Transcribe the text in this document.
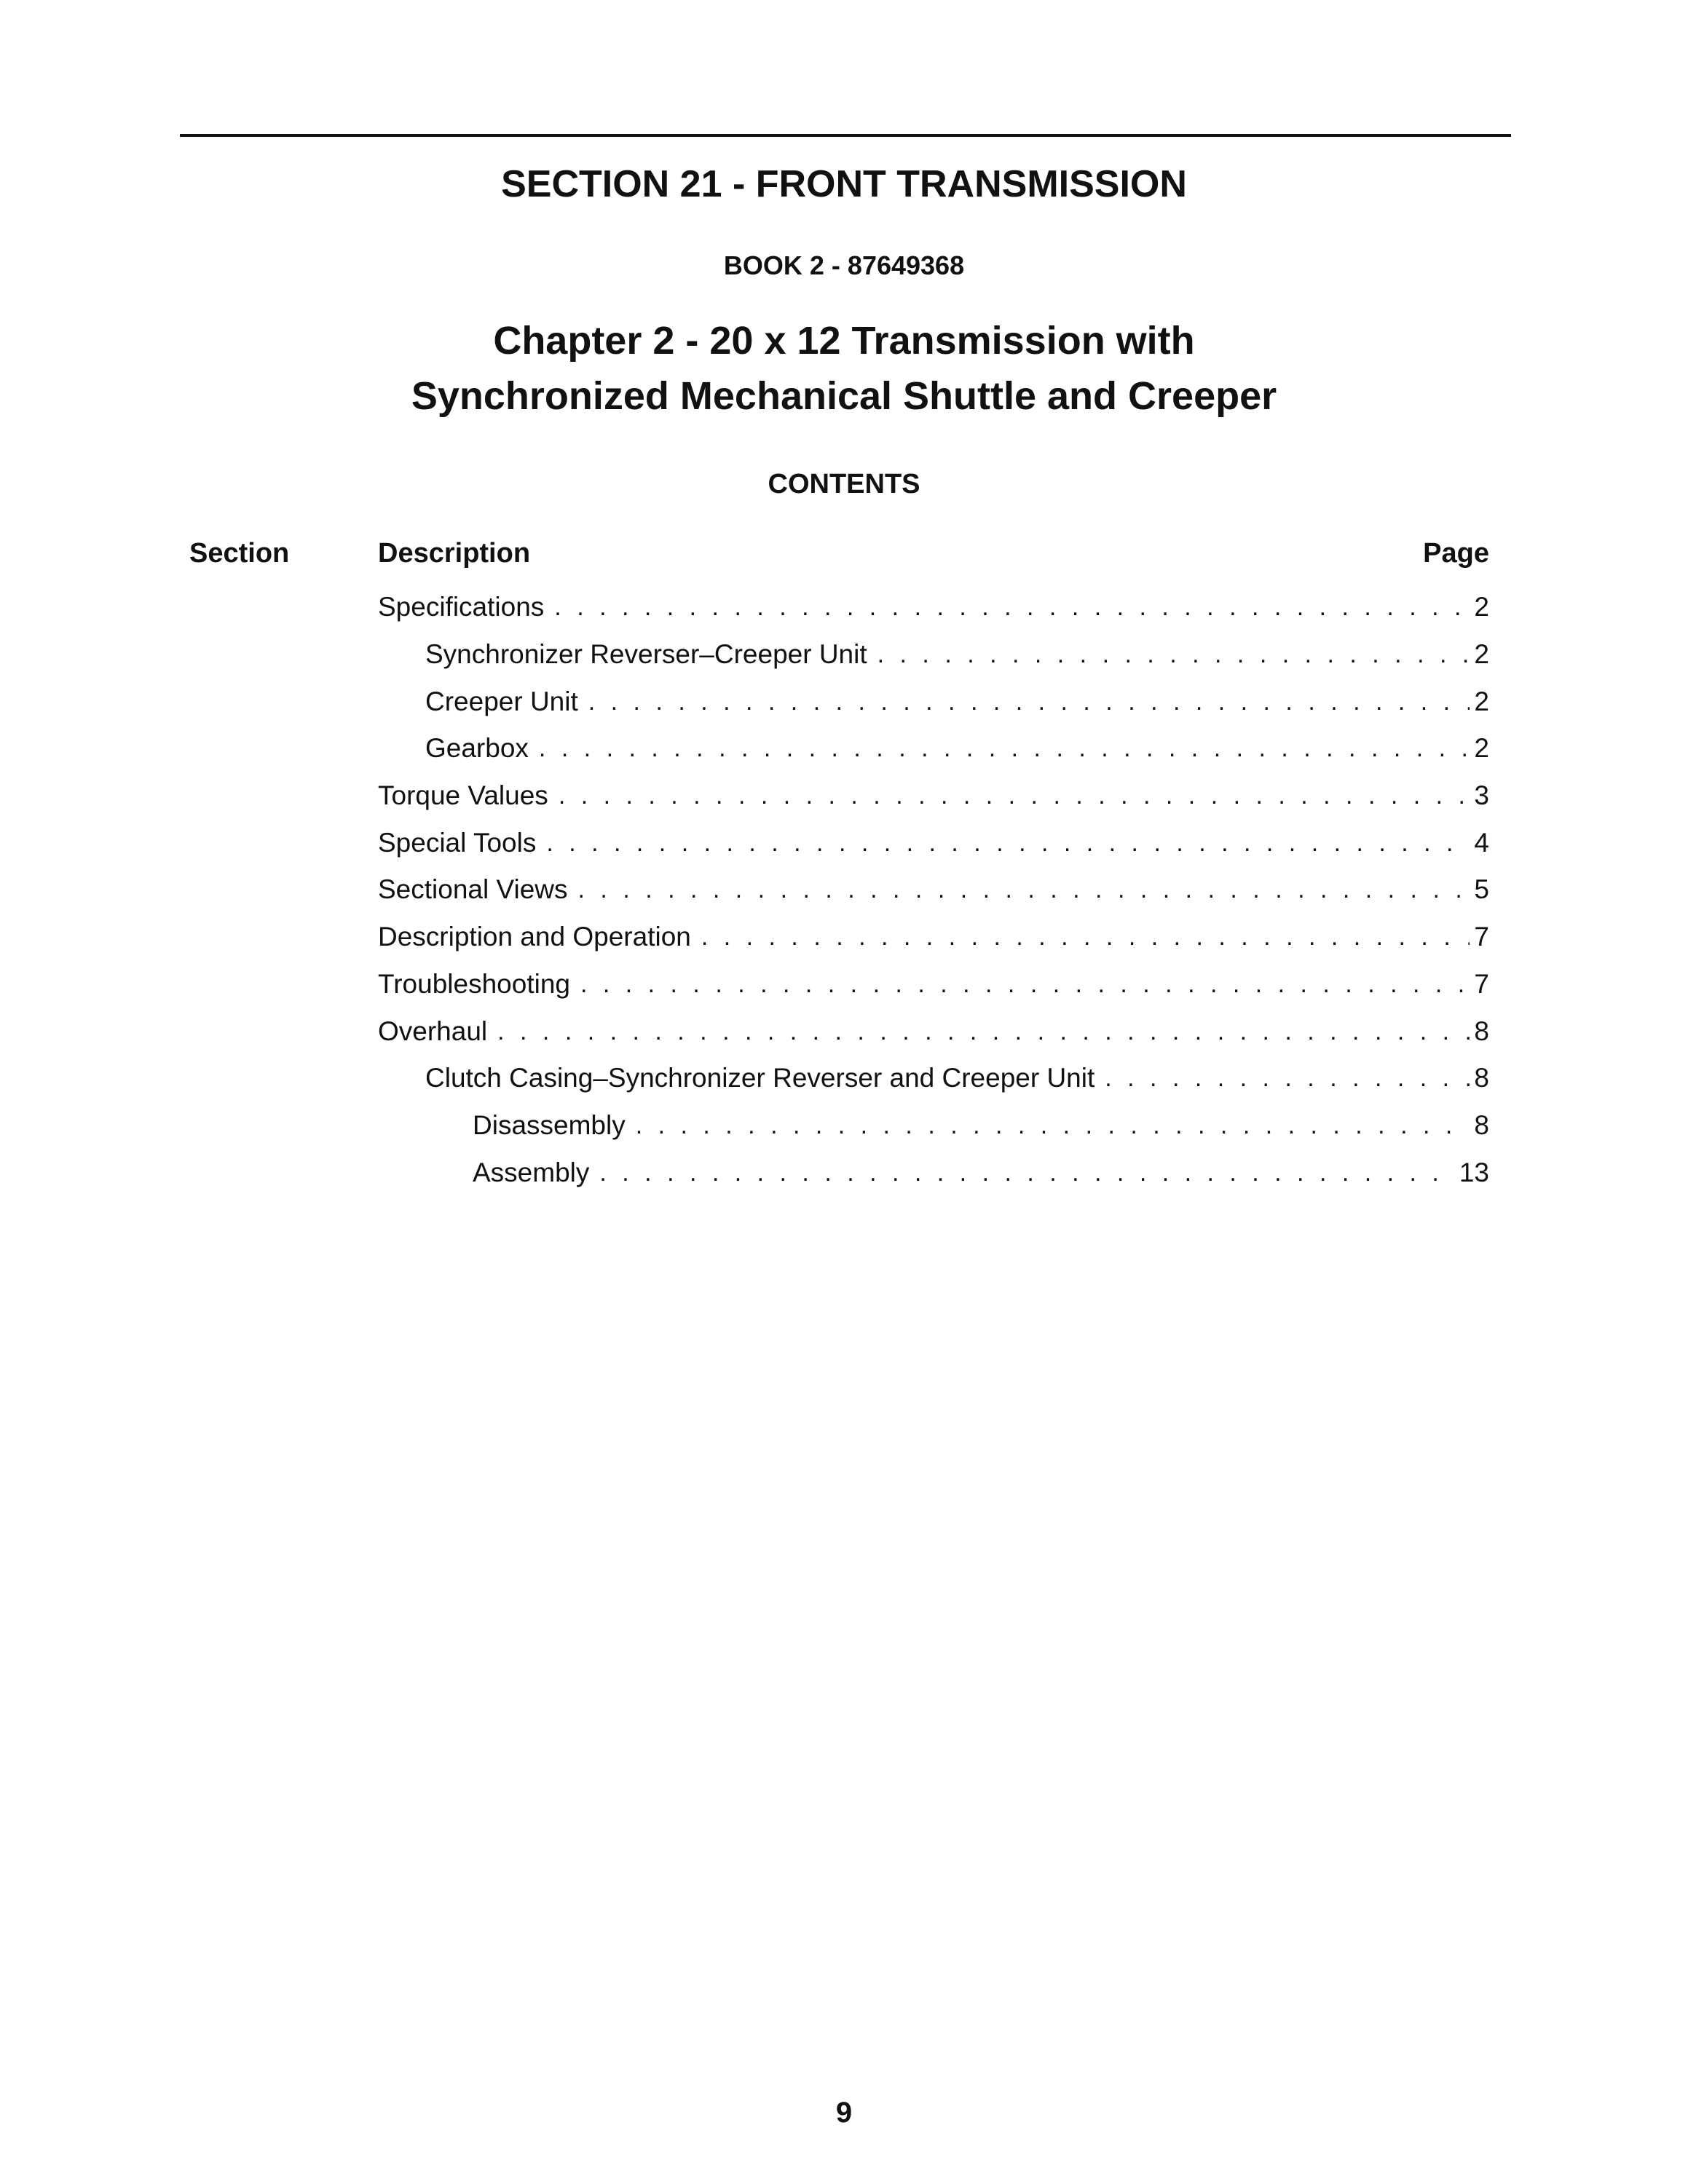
SECTION 21 - FRONT TRANSMISSION
BOOK 2 - 87649368
Chapter 2 - 20 x 12 Transmission with
Synchronized Mechanical Shuttle and Creeper
CONTENTS
Section	Description	Page
Specifications . . .	2
Synchronizer Reverser–Creeper Unit . . .	2
Creeper Unit . . .	2
Gearbox . . .	2
Torque Values . . .	3
Special Tools . . .	4
Sectional Views . . .	5
Description and Operation . . .	7
Troubleshooting . . .	7
Overhaul . . .	8
Clutch Casing–Synchronizer Reverser and Creeper Unit . . .	8
Disassembly . . .	8
Assembly . . .	13
9
